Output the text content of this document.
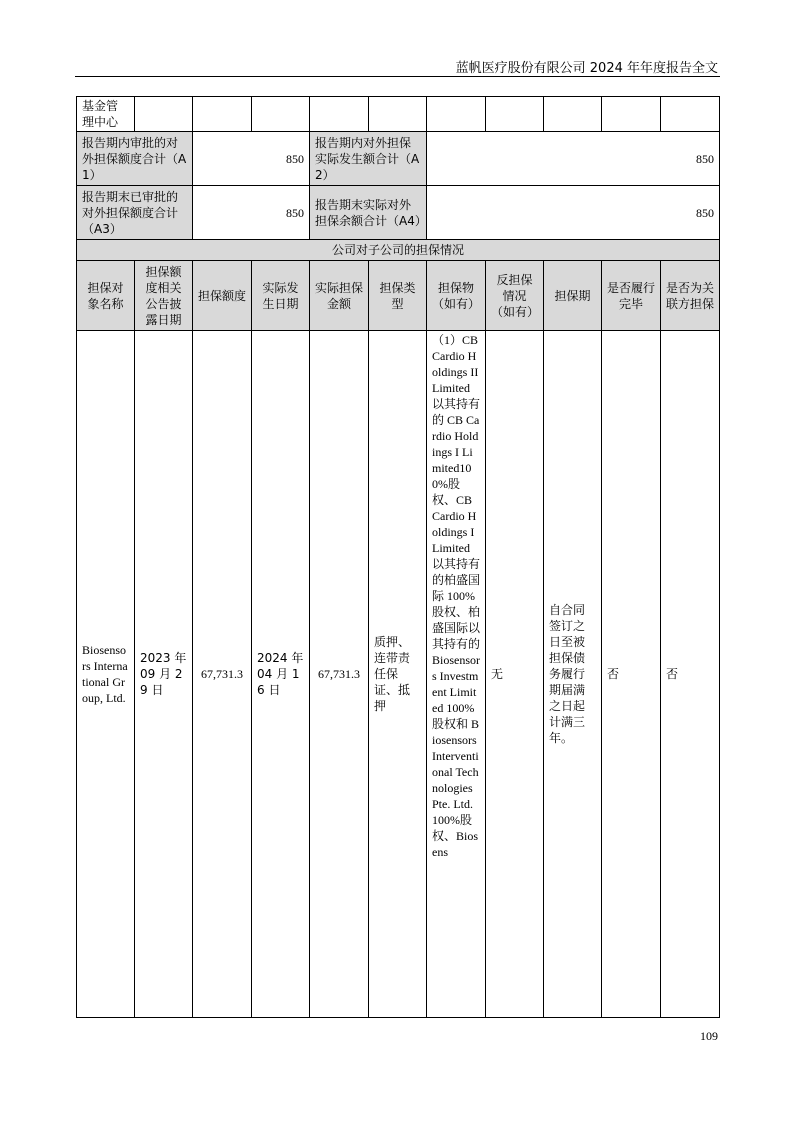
蓝帆医疗股份有限公司 2024 年年度报告全文
基金管理中心										
报告期内审批的对外担保额度合计（A1）		850		报告期内对外担保实际发生额合计（A2）		850				
报告期末已审批的对外担保额度合计（A3）		850		报告期末实际对外担保余额合计（A4）		850				
公司对子公司的担保情况										
担保对象名称	担保额度相关公告披露日期	担保额度	实际发生日期	实际担保金额	担保类型	担保物（如有）	反担保情况（如有）	担保期	是否履行完毕	是否为关联方担保
Biosensors International Group, Ltd.	2023 年 09 月 29 日	67,731.3	2024 年 04 月 16 日	67,731.3	质押、连带责任保证、抵押	（1）CB Cardio Holdings II Limited 以其持有的 CB Cardio Holdings I Limited100%股权、CB Cardio Holdings I Limited 以其持有的柏盛国际 100%股权、柏盛国际以其持有的 Biosensors Investment Limited 100%股权和 Biosensors Interventional Technologies Pte. Ltd. 100%股权、Biosens	无	自合同签订之日至被担保债务履行期届满之日起计满三年。	否	否
109
